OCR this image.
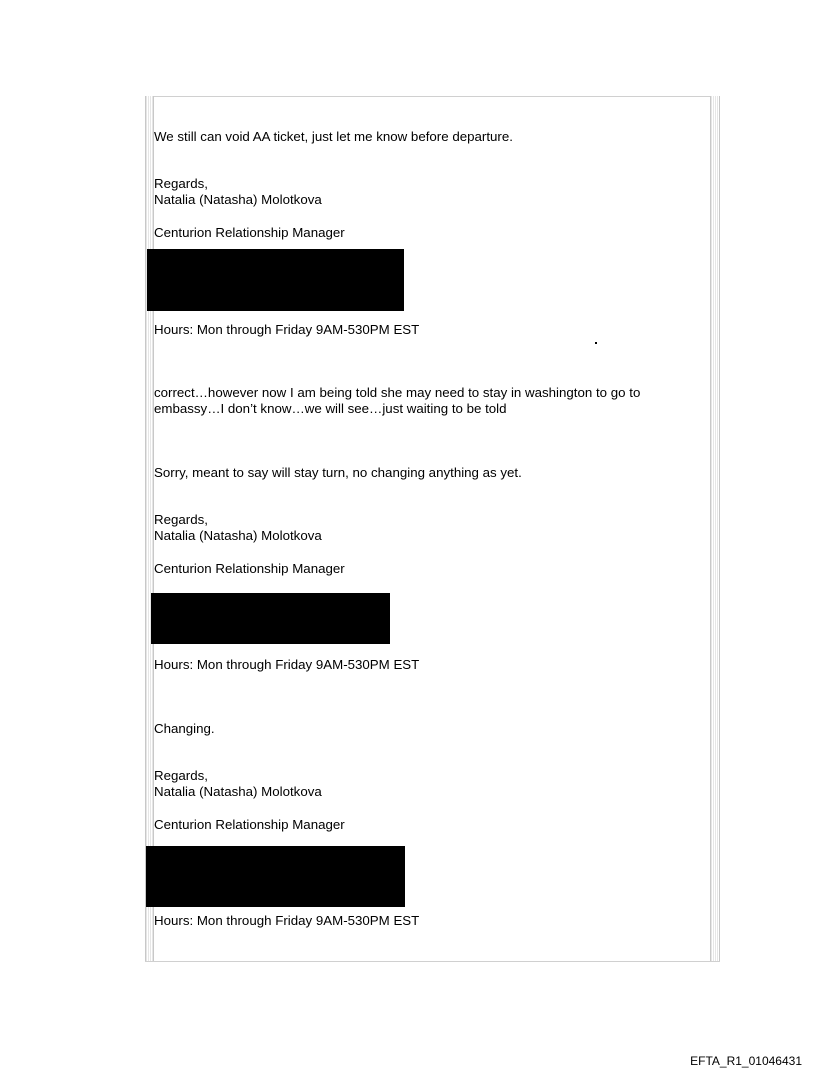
We still can void AA ticket, just let me know before departure.
Regards,
Natalia (Natasha) Molotkova
Centurion Relationship Manager
Hours: Mon through Friday 9AM-530PM EST
correct…however now I am being told she may need to stay in washington to go to
embassy…I don’t know…we will see…just waiting to be told
Sorry, meant to say will stay turn, no changing anything as yet.
Regards,
Natalia (Natasha) Molotkova
Centurion Relationship Manager
Hours: Mon through Friday 9AM-530PM EST
Changing.
Regards,
Natalia (Natasha) Molotkova
Centurion Relationship Manager
Hours: Mon through Friday 9AM-530PM EST
EFTA_R1_01046431
